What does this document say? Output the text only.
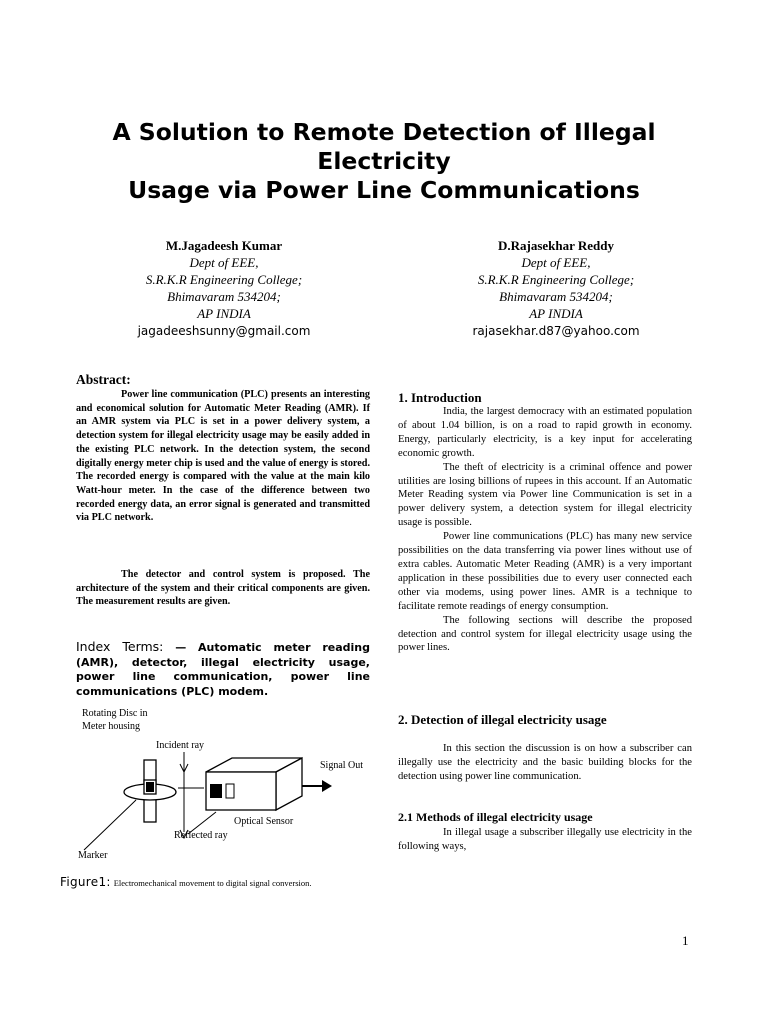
A Solution to Remote Detection of Illegal
Electricity
Usage via Power Line Communications
M.Jagadeesh Kumar
Dept of EEE,
S.R.K.R Engineering College;
Bhimavaram 534204;
AP INDIA
jagadeeshsunny@gmail.com
D.Rajasekhar Reddy
Dept of EEE,
S.R.K.R Engineering College;
Bhimavaram 534204;
AP INDIA
rajasekhar.d87@yahoo.com
Abstract:

Power line communication (PLC) presents an interesting and economical solution for Automatic Meter Reading (AMR). If an AMR system via PLC is set in a power delivery system, a detection system for illegal electricity usage may be easily added in the existing PLC network. In the detection system, the second digitally energy meter chip is used and the value of energy is stored. The recorded energy is compared with the value at the main kilo Watt-hour meter. In the case of the difference between two recorded energy data, an error signal is generated and transmitted via PLC network.

The detector and control system is proposed. The architecture of the system and their critical components are given. The measurement results are given.

Index Terms: — Automatic meter reading (AMR), detector, illegal electricity usage, power line communication, power line communications (PLC) modem.

Rotating Disc in
Meter housing
Incident ray
Signal Out
Optical Sensor
Reflected ray
Marker
Figure1: Electromechanical movement to digital signal conversion.
1. Introduction

India, the largest democracy with an estimated population of about 1.04 billion, is on a road to rapid growth in economy. Energy, particularly electricity, is a key input for accelerating economic growth.

The theft of electricity is a criminal offence and power utilities are losing billions of rupees in this account. If an Automatic Meter Reading system via Power line Communication is set in a power delivery system, a detection system for illegal electricity usage is possible.

Power line communications (PLC) has many new service possibilities on the data transferring via power lines without use of extra cables. Automatic Meter Reading (AMR) is a very important application in these possibilities due to every user connected each other via modems, using power lines. AMR is a technique to facilitate remote readings of energy consumption.

The following sections will describe the proposed detection and control system for illegal electricity usage using the power lines.

2. Detection of illegal electricity usage

In this section the discussion is on how a subscriber can illegally use the electricity and the basic building blocks for the detection using power line communication.

2.1 Methods of illegal electricity usage

In illegal usage a subscriber illegally use electricity in the following ways,

1
